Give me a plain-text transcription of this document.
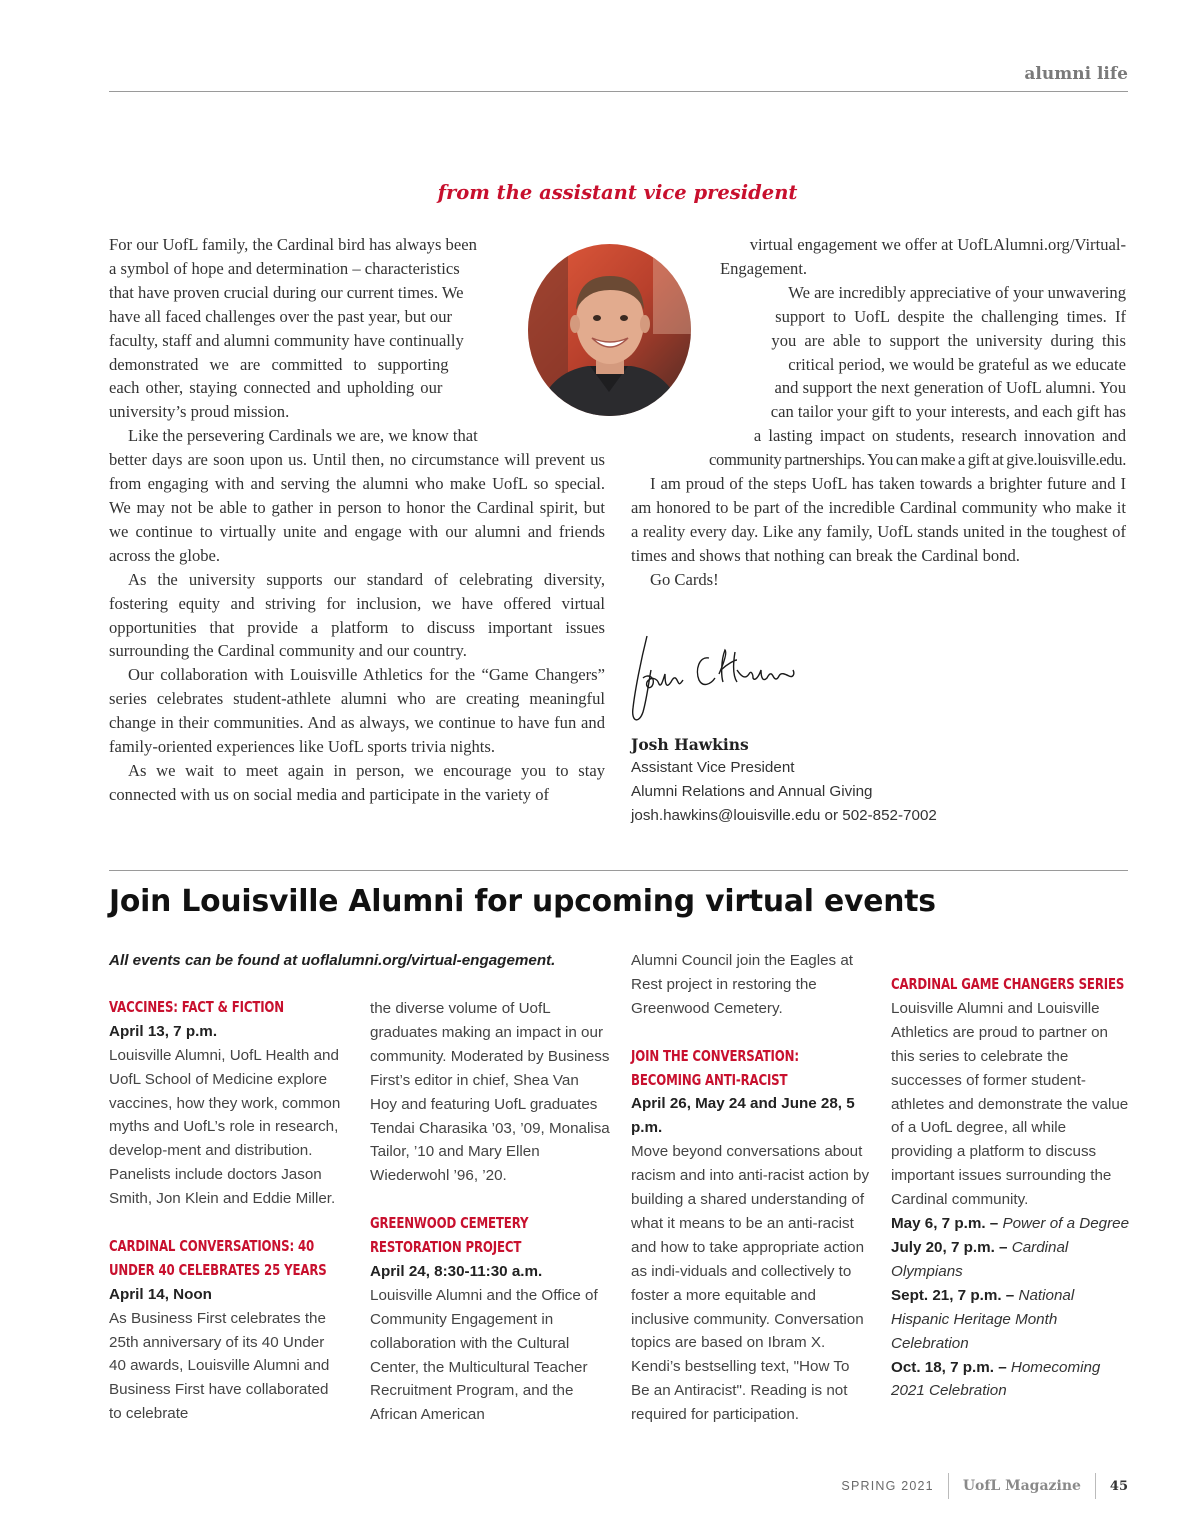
alumni life
from the assistant vice president

For our UofL family, the Cardinal bird has always been
a symbol of hope and determination – characteristics
that have proven crucial during our current times. We
have all faced challenges over the past year, but our
faculty, staff and alumni community have continually
demonstrated we are committed to supporting
each other, staying connected and upholding our
university’s proud mission.

Like the persevering Cardinals we are, we know that
better days are soon upon us. Until then, no circumstance will prevent us from engaging with and serving the alumni who make UofL so special. We may not be able to gather in person to honor the Cardinal spirit, but we continue to virtually unite and engage with our alumni and friends across the globe.

As the university supports our standard of celebrating diversity, fostering equity and striving for inclusion, we have offered virtual opportunities that provide a platform to discuss important issues surrounding the Cardinal community and our country.

Our collaboration with Louisville Athletics for the “Game Changers” series celebrates student-athlete alumni who are creating meaningful change in their communities. And as always, we continue to have fun and family-oriented experiences like UofL sports trivia nights.

As we wait to meet again in person, we encourage you to stay connected with us on social media and participate in the variety of

virtual engagement we offer at UofLAlumni.org/Virtual-
Engagement.

We are incredibly appreciative of your unwavering
support to UofL despite the challenging times. If
you are able to support the university during this
critical period, we would be grateful as we educate
and support the next generation of UofL alumni. You
can tailor your gift to your interests, and each gift has
a lasting impact on students, research innovation and
community partnerships. You can make a gift at give.louisville.edu.

I am proud of the steps UofL has taken towards a brighter future and I am honored to be part of the incredible Cardinal community who make it a reality every day. Like any family, UofL stands united in the toughest of times and shows that nothing can break the Cardinal bond.

Go Cards!

Josh Hawkins

Assistant Vice President

Alumni Relations and Annual Giving

josh.hawkins@louisville.edu or 502-852-7002

Join Louisville Alumni for upcoming virtual events

All events can be found at uoflalumni.org/virtual-engagement.

VACCINES: FACT & FICTION

April 13, 7 p.m.

Louisville Alumni, UofL Health and UofL School of Medicine explore vaccines, how they work, common myths and UofL’s role in research, develop-ment and distribution. Panelists include doctors Jason Smith, Jon Klein and Eddie Miller.

CARDINAL CONVERSATIONS: 40 UNDER 40 CELEBRATES 25 YEARS

April 14, Noon

As Business First celebrates the 25th anniversary of its 40 Under 40 awards, Louisville Alumni and Business First have collaborated to celebrate

the diverse volume of UofL graduates making an impact in our community. Moderated by Business First’s editor in chief, Shea Van Hoy and featuring UofL graduates Tendai Charasika ’03, ’09, Monalisa Tailor, ’10 and Mary Ellen Wiederwohl ’96, ’20.

GREENWOOD CEMETERY RESTORATION PROJECT

April 24, 8:30-11:30 a.m.

Louisville Alumni and the Office of Community Engagement in collaboration with the Cultural Center, the Multicultural Teacher Recruitment Program, and the African American

Alumni Council join the Eagles at Rest project in restoring the Greenwood Cemetery.

JOIN THE CONVERSATION: BECOMING ANTI-RACIST

April 26, May 24 and June 28, 5 p.m.

Move beyond conversations about racism and into anti-racist action by building a shared understanding of what it means to be an anti-racist and how to take appropriate action as indi-viduals and collectively to foster a more equitable and inclusive community. Conversation topics are based on Ibram X. Kendi’s bestselling text, "How To Be an Antiracist". Reading is not required for participation.

CARDINAL GAME CHANGERS SERIES

Louisville Alumni and Louisville Athletics are proud to partner on this series to celebrate the successes of former student-athletes and demonstrate the value of a UofL degree, all while providing a platform to discuss important issues surrounding the Cardinal community.

May 6, 7 p.m. – Power of a Degree

July 20, 7 p.m. – Cardinal Olympians

Sept. 21, 7 p.m. – National Hispanic Heritage Month Celebration

Oct. 18, 7 p.m. – Homecoming 2021 Celebration

SPRING 2021 UofL Magazine 45
